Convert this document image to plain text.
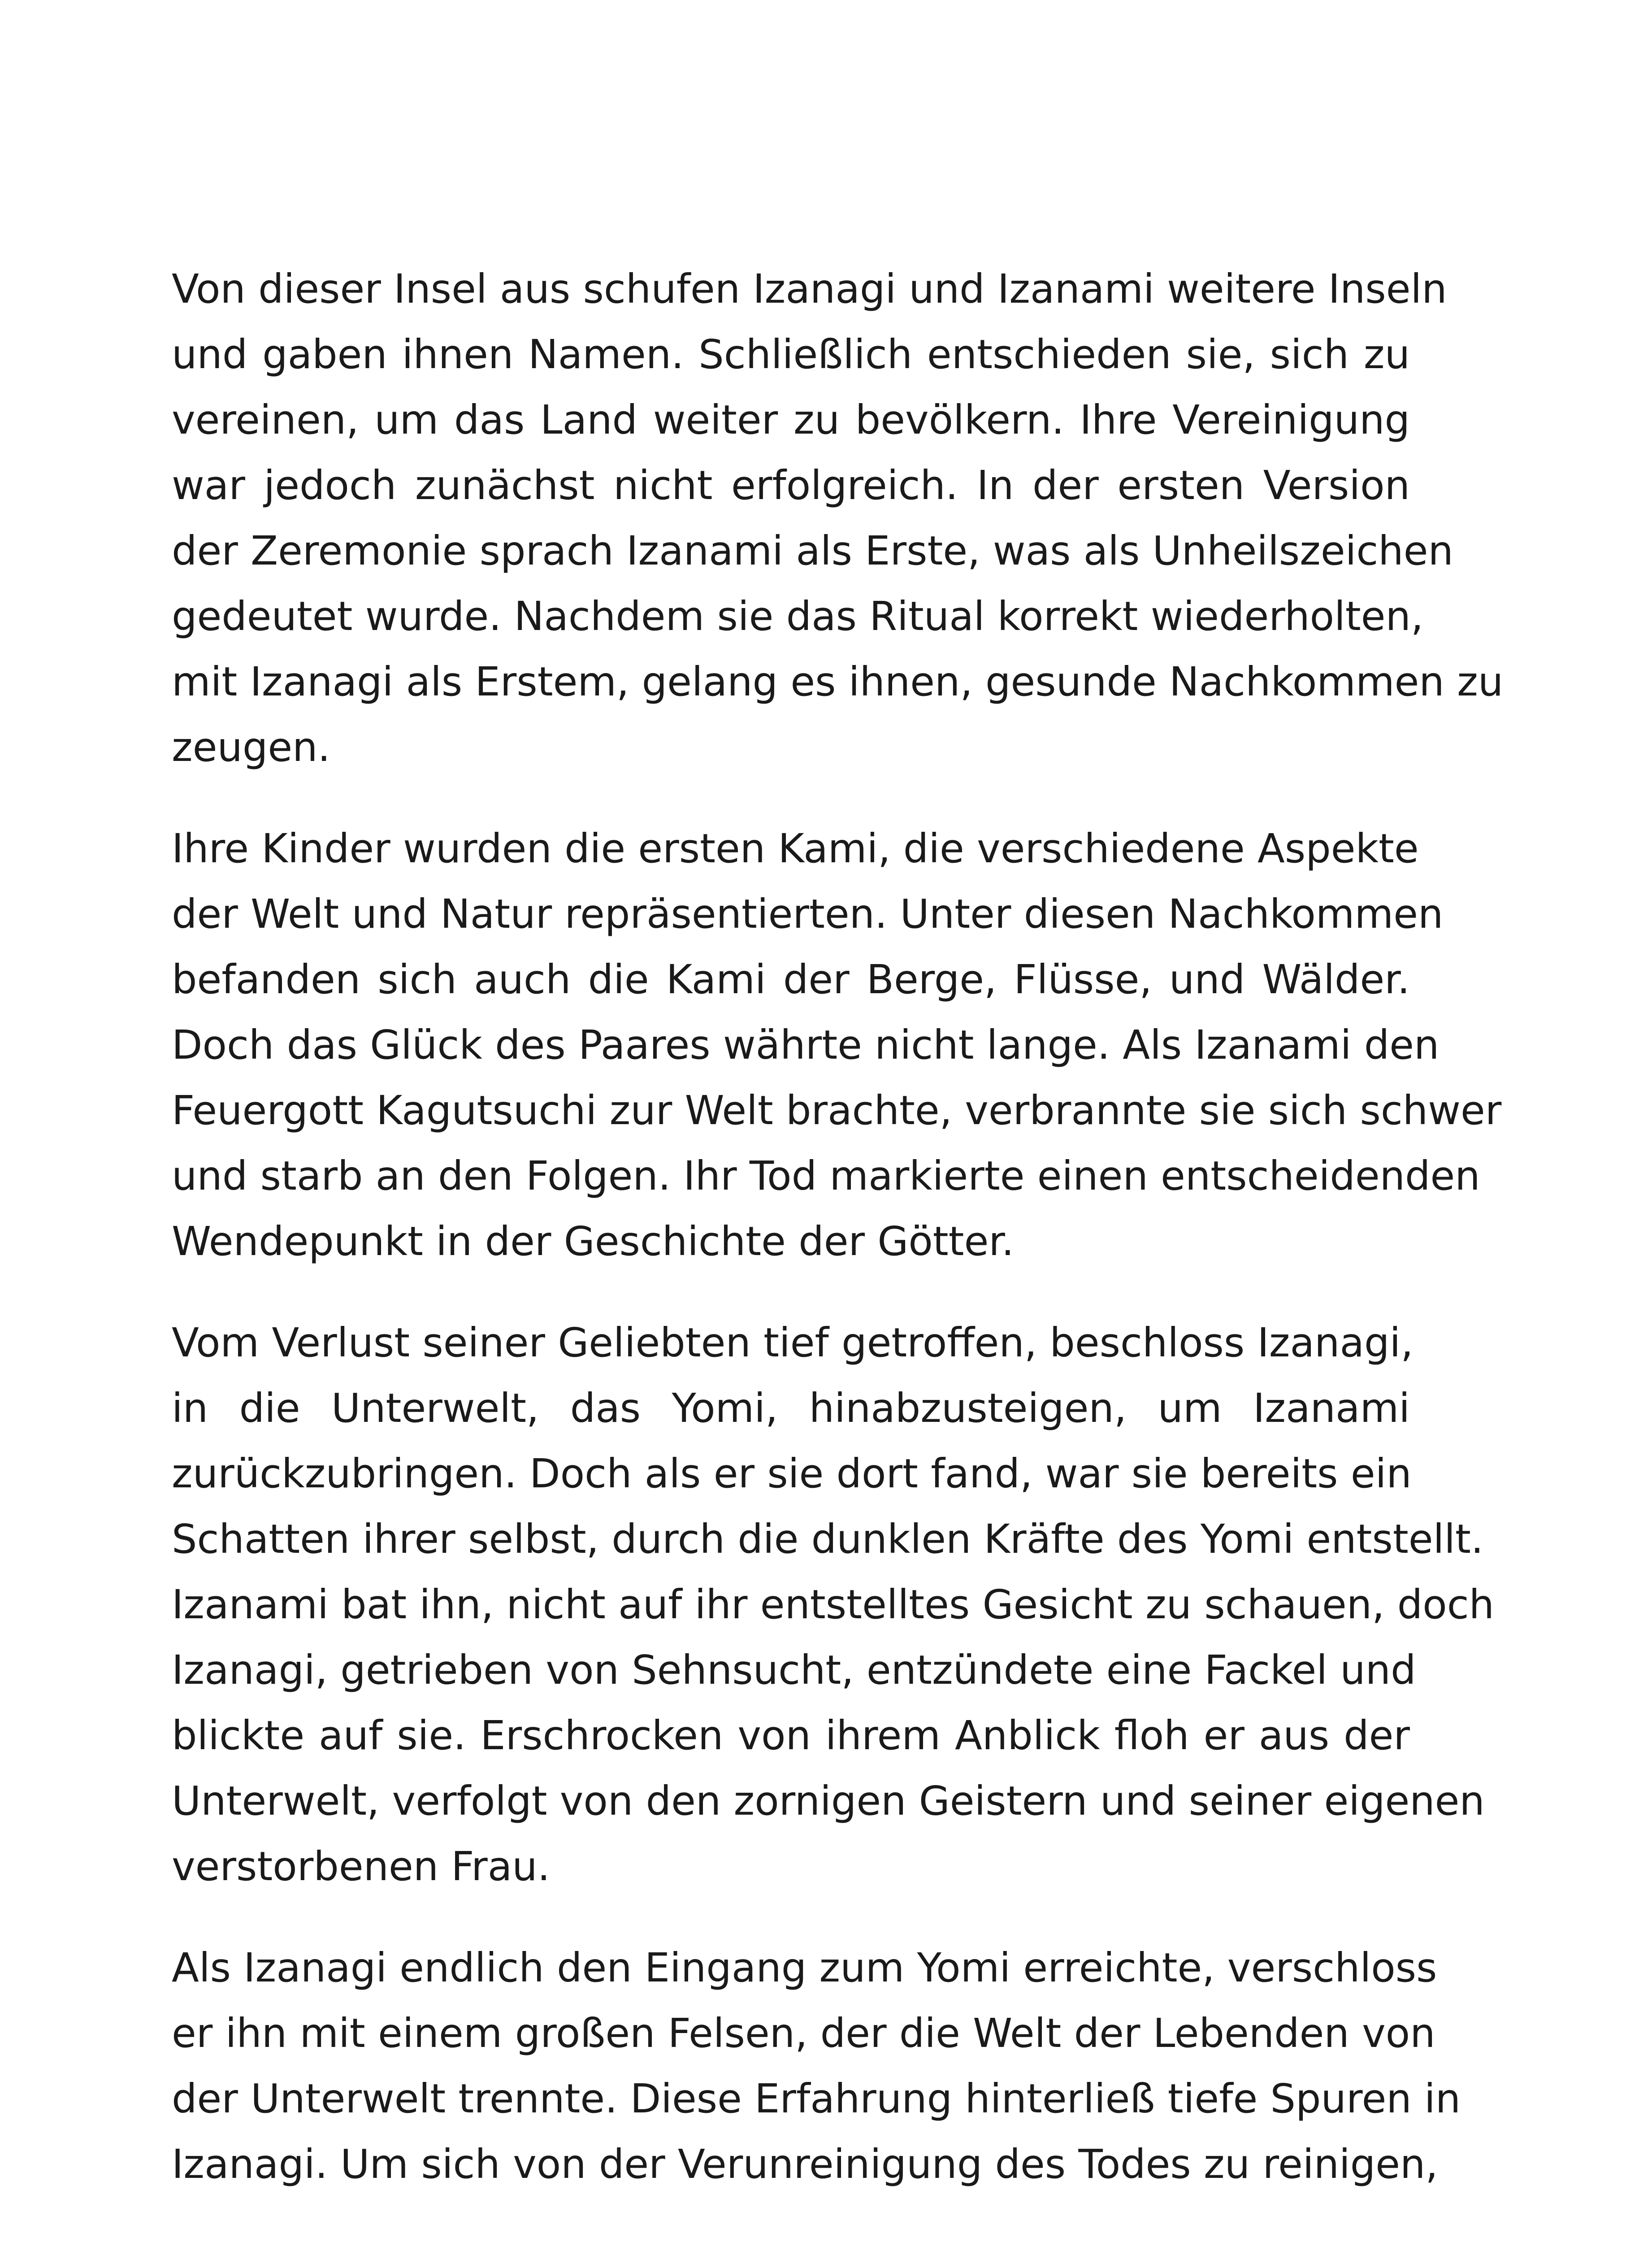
Von dieser Insel aus schufen Izanagi und Izanami weitere Inseln
und gaben ihnen Namen. Schließlich entschieden sie, sich zu
vereinen, um das Land weiter zu bevölkern. Ihre Vereinigung
war jedoch zunächst nicht erfolgreich. In der ersten Version
der Zeremonie sprach Izanami als Erste, was als Unheilszeichen
gedeutet wurde. Nachdem sie das Ritual korrekt wiederholten,
mit Izanagi als Erstem, gelang es ihnen, gesunde Nachkommen zu
zeugen.

Ihre Kinder wurden die ersten Kami, die verschiedene Aspekte
der Welt und Natur repräsentierten. Unter diesen Nachkommen
befanden sich auch die Kami der Berge, Flüsse, und Wälder.
Doch das Glück des Paares währte nicht lange. Als Izanami den
Feuergott Kagutsuchi zur Welt brachte, verbrannte sie sich schwer
und starb an den Folgen. Ihr Tod markierte einen entscheidenden
Wendepunkt in der Geschichte der Götter.

Vom Verlust seiner Geliebten tief getroffen, beschloss Izanagi,
in die Unterwelt, das Yomi, hinabzusteigen, um Izanami
zurückzubringen. Doch als er sie dort fand, war sie bereits ein
Schatten ihrer selbst, durch die dunklen Kräfte des Yomi entstellt.
Izanami bat ihn, nicht auf ihr entstelltes Gesicht zu schauen, doch
Izanagi, getrieben von Sehnsucht, entzündete eine Fackel und
blickte auf sie. Erschrocken von ihrem Anblick floh er aus der
Unterwelt, verfolgt von den zornigen Geistern und seiner eigenen
verstorbenen Frau.

Als Izanagi endlich den Eingang zum Yomi erreichte, verschloss
er ihn mit einem großen Felsen, der die Welt der Lebenden von
der Unterwelt trennte. Diese Erfahrung hinterließ tiefe Spuren in
Izanagi. Um sich von der Verunreinigung des Todes zu reinigen,
